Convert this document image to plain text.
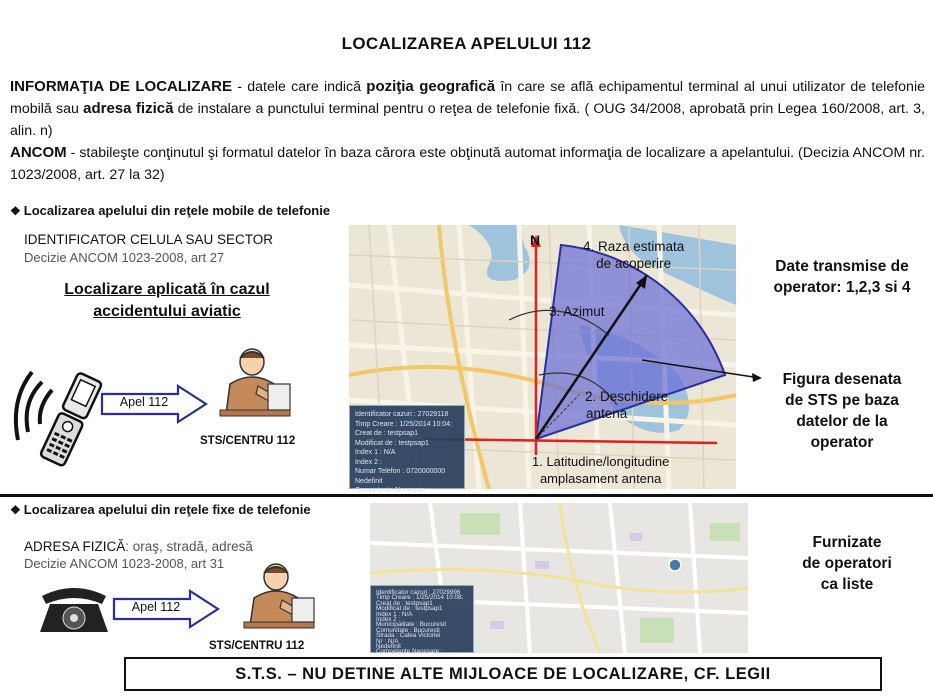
LOCALIZAREA APELULUI 112
INFORMAŢIA DE LOCALIZARE - datele care indică poziţia geografică în care se află echipamentul terminal al unui utilizator de telefonie mobilă sau adresa fizică de instalare a punctului terminal pentru o reţea de telefonie fixă. ( OUG 34/2008, aprobată prin Legea 160/2008, art. 3, alin. n)
ANCOM - stabileşte conţinutul şi formatul datelor în baza cărora este obţinută automat informaţia de localizare a apelantului. (Decizia ANCOM nr. 1023/2008, art. 27 la 32)
❖ Localizarea apelului din reţele mobile de telefonie
IDENTIFICATOR CELULA SAU SECTOR
Decizie ANCOM 1023-2008, art 27
Localizare aplicată în cazul
accidentului aviatic
Apel 112
STS/CENTRU 112
N	4. Raza estimata
de acoperire
3. Azimut
2. Deschidere
antena
1. Latitudine/longitudine
amplasament antena
Identificator cazuri : 27029118
Timp Creare : 1/25/2014 10:04:
Creat de : testpsap1
Modificat de : testpsap1
Index 1 : N/A
Index 2 :
Numar Telefon : 0720000000
Nedefinit
Competente Necesare :
Date transmise de
operator: 1,2,3 si 4
Figura desenata
de STS pe baza
datelor de la
operator
❖ Localizarea apelului din reţele fixe de telefonie
ADRESA FIZICĂ: oraş, stradă, adresă
Decizie ANCOM 1023-2008, art 31
Apel 112
STS/CENTRU 112
Identificator cazuri : 27029996
Timp Creare : 1/25/2014 10:08:
Creat de : testpsap1
Modificat de : testpsap1
Index 1 : N/A
Index 2 :
Municipalitate : Bucuresti
Comunitate : Bucuresti
Strada : Calea Victoriei
Nr : N/A
Nedefinit
Competente Necesare :
Furnizate
de operatori
ca liste
S.T.S. – NU DETINE ALTE MIJLOACE DE LOCALIZARE, CF. LEGII
